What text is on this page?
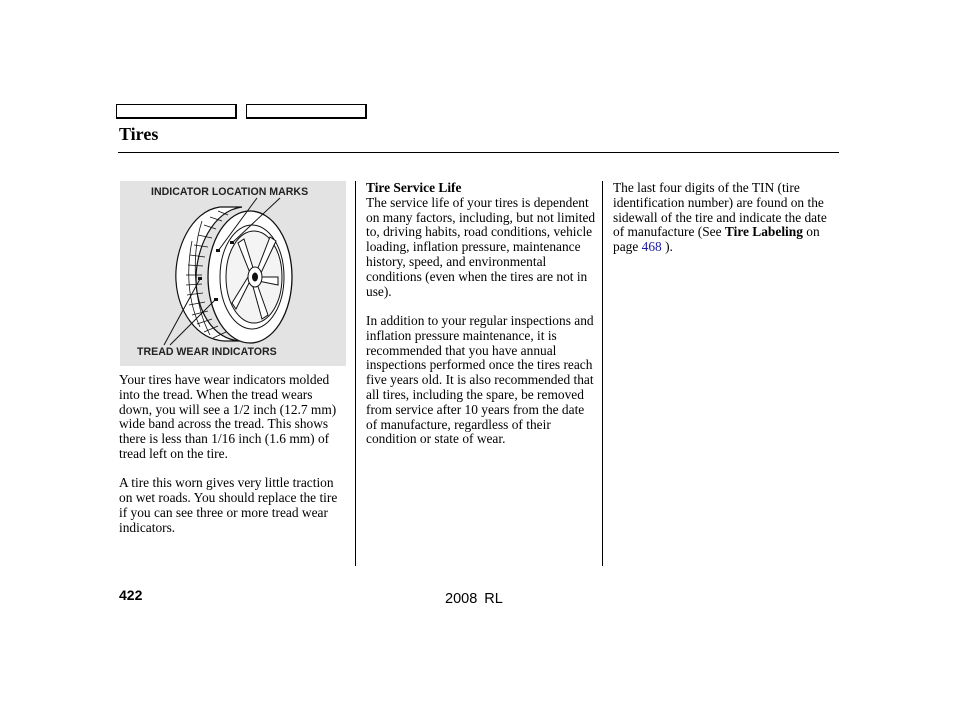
Tires
INDICATOR LOCATION MARKS
TREAD WEAR INDICATORS

Your tires have wear indicators molded into the tread. When the tread wears down, you will see a 1/2 inch (12.7 mm) wide band across the tread. This shows there is less than 1/16 inch (1.6 mm) of tread left on the tire.

A tire this worn gives very little traction on wet roads. You should replace the tire if you can see three or more tread wear indicators.

Tire Service Life

The service life of your tires is dependent on many factors, including, but not limited to, driving habits, road conditions, vehicle loading, inflation pressure, maintenance history, speed, and environmental conditions (even when the tires are not in use).

In addition to your regular inspections and inflation pressure maintenance, it is recommended that you have annual inspections performed once the tires reach five years old. It is also recommended that all tires, including the spare, be removed from service after 10 years from the date of manufacture, regardless of their condition or state of wear.

The last four digits of the TIN (tire identification number) are found on the sidewall of the tire and indicate the date of manufacture (See Tire Labeling on page 468 ).

422	2008 RL
